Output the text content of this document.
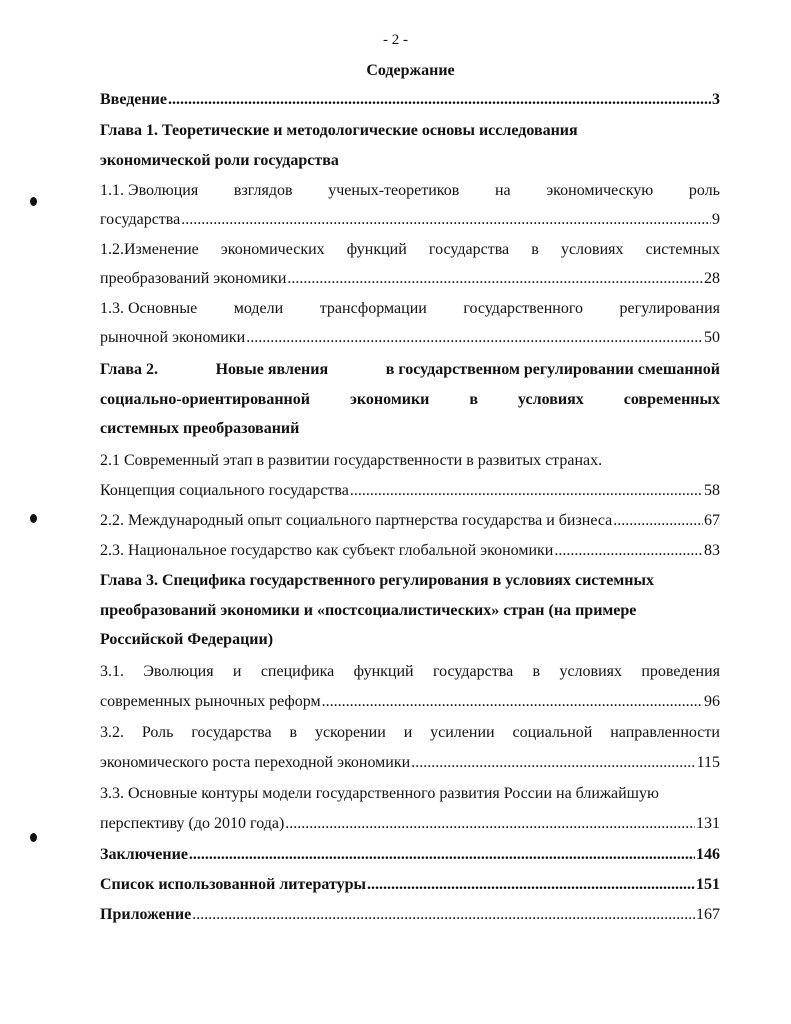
- 2 -
Содержание
Введение .....	3
Глава 1. Теоретические и методологические основы исследования
экономической роли государства
1.1. Эволюция взглядов ученых-теоретиков на экономическую роль
государства .....	9
1.2.Изменение экономических функций государства в условиях системных
преобразований экономики .....	28
1.3. Основные модели трансформации государственного регулирования
рыночной экономики .....	50
Глава 2.	Новые явления	в государственном регулировании смешанной
социально-ориентированной	экономики	в	условиях	современных
системных преобразований
2.1 Современный этап в развитии государственности в развитых странах.
Концепция социального государства .....	58
2.2. Международный опыт социального партнерства государства и бизнеса .....	67
2.3. Национальное государство как субъект глобальной экономики .....	83
Глава 3. Специфика государственного регулирования в условиях системных
преобразований экономики и «постсоциалистических» стран (на примере
Российской Федерации)
3.1. Эволюция и специфика функций государства в условиях проведения
современных рыночных реформ .....	96
3.2. Роль государства в ускорении и усилении социальной направленности
экономического роста переходной экономики .....	115
3.3. Основные контуры модели государственного развития России на ближайшую
перспективу (до 2010 года) .....	131
Заключение .....	146
Список использованной литературы .....	151
Приложение .....	167
